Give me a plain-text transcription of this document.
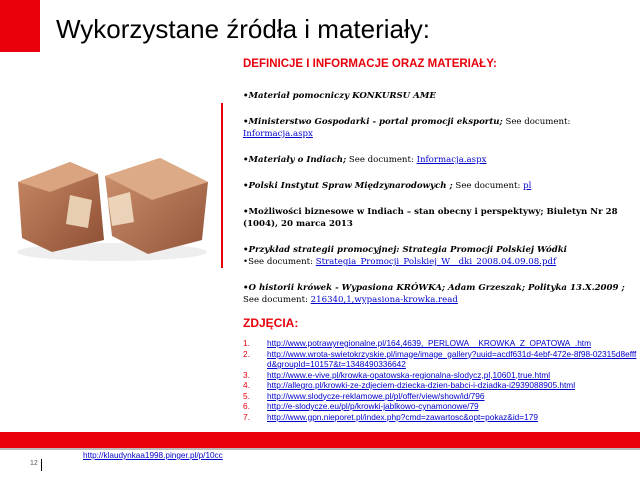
Wykorzystane źródła i materiały:
DEFINICJE I INFORMACJE ORAZ MATERIAŁY:
•Materiał pomocniczy KONKURSU AME
•Ministerstwo Gospodarki - portal promocji eksportu; See document: Informacja.aspx
•Materiały o Indiach; See document: Informacja.aspx
•Polski Instytut Spraw Międzynarodowych ; See document: pl
•Możliwości biznesowe w Indiach – stan obecny i perspektywy; Biuletyn Nr 28 (1004), 20 marca 2013
•Przykład strategii promocyjnej: Strategia Promocji Polskiej Wódki
•See document: Strategia_Promocji_Polskiej_W__dki_2008.04.09.08.pdf
•O historii krówek - Wypasiona KRÓWKA; Adam Grzeszak; Polityka 13.X.2009 ; See document: 216340,1,wypasiona-krowka.read
ZDJĘCIA:
1.	http://www.potrawyregionalne.pl/164,4639,_PERLOWA__KROWKA_Z_OPATOWA_.htm
2.	http://www.wrota-swietokrzyskie.pl/image/image_gallery?uuid=acdf631d-4ebf-472e-8f98-02315d8efffd&groupId=10157&t=1348490336642
3.	http://www.e-vive.pl/krowka-opatowska-regionalna-slodycz,pl,10601,true.html
4.	http://allegro.pl/krowki-ze-zdjeciem-dziecka-dzien-babci-i-dziadka-i2939088905.html
5.	http://www.slodycze-reklamowe.pl/pl/offer/view/show/id/796
6.	http://e-slodycze.eu/pl/p/krowki-jablkowo-cynamonowe/79
7.	http://www.gpn.nieporet.pl/index.php?cmd=zawartosc&opt=pokaz&id=179
12
http://klaudynkaa1998.pinger.pl/p/10cc
